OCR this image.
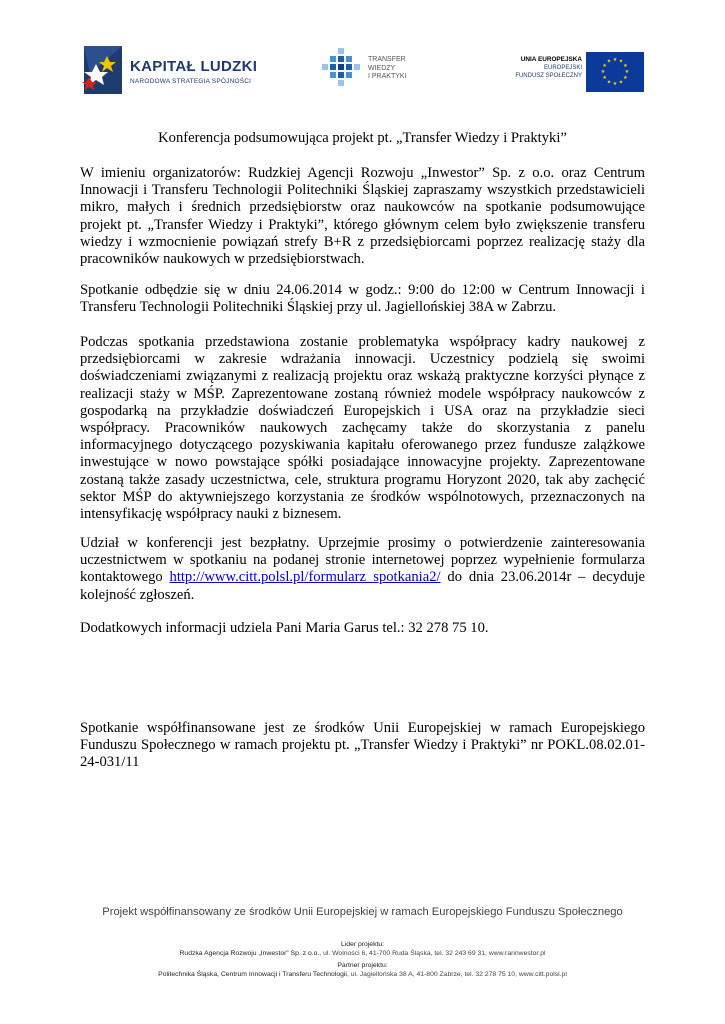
KAPITAŁ LUDZKI
NARODOWA STRATEGIA SPÓJNOŚCI
TRANSFER
WIEDZY
I PRAKTYKI
UNIA EUROPEJSKA
EUROPEJSKI
FUNDUSZ SPOŁECZNY
★ ★
★
★
★
★
★
★
★
★
★
★
Konferencja podsumowująca projekt pt. „Transfer Wiedzy i Praktyki”

W imieniu organizatorów: Rudzkiej Agencji Rozwoju „Inwestor” Sp. z o.o. oraz Centrum Innowacji i Transferu Technologii Politechniki Śląskiej zapraszamy wszystkich przedstawicieli mikro, małych i średnich przedsiębiorstw oraz naukowców na spotkanie podsumowujące projekt pt. „Transfer Wiedzy i Praktyki”, którego głównym celem było zwiększenie transferu wiedzy i wzmocnienie powiązań strefy B+R z przedsiębiorcami poprzez realizację staży dla pracowników naukowych w przedsiębiorstwach.

Spotkanie odbędzie się w dniu 24.06.2014 w godz.: 9:00 do 12:00 w Centrum Innowacji i Transferu Technologii Politechniki Śląskiej przy ul. Jagiellońskiej 38A w Zabrzu.

Podczas spotkania przedstawiona zostanie problematyka współpracy kadry naukowej z przedsiębiorcami w zakresie wdrażania innowacji. Uczestnicy podzielą się swoimi doświadczeniami związanymi z realizacją projektu oraz wskażą praktyczne korzyści płynące z realizacji staży w MŚP. Zaprezentowane zostaną również modele współpracy naukowców z gospodarką na przykładzie doświadczeń Europejskich i USA oraz na przykładzie sieci współpracy. Pracowników naukowych zachęcamy także do skorzystania z panelu informacyjnego dotyczącego pozyskiwania kapitału oferowanego przez fundusze zalążkowe inwestujące w nowo powstające spółki posiadające innowacyjne projekty. Zaprezentowane zostaną także zasady uczestnictwa, cele, struktura programu Horyzont 2020, tak aby zachęcić sektor MŚP do aktywniejszego korzystania ze środków wspólnotowych, przeznaczonych na intensyfikację współpracy nauki z biznesem.

Udział w konferencji jest bezpłatny. Uprzejmie prosimy o potwierdzenie zainteresowania uczestnictwem w spotkaniu na podanej stronie internetowej poprzez wypełnienie formularza kontaktowego http://www.citt.polsl.pl/formularz_spotkania2/ do dnia 23.06.2014r – decyduje kolejność zgłoszeń.

Dodatkowych informacji udziela Pani Maria Garus tel.: 32 278 75 10.

Spotkanie współfinansowane jest ze środków Unii Europejskiej w ramach Europejskiego Funduszu Społecznego w ramach projektu pt. „Transfer Wiedzy i Praktyki” nr POKL.08.02.01-24-031/11

Projekt współfinansowany ze środków Unii Europejskiej w ramach Europejskiego Funduszu Społecznego
Lider projektu:
Rudzka Agencja Rozwoju „Inwestor” Sp. z o.o., ul. Wolności 6, 41-700 Ruda Śląska, tel. 32 243 69 31, www.rarinwestor.pl
Partner projektu:
Politechnika Śląska, Centrum Innowacji i Transferu Technologii, ul. Jagiellońska 38 A, 41-800 Zabrze, tel. 32 278 75 10, www.citt.polsl.pl
